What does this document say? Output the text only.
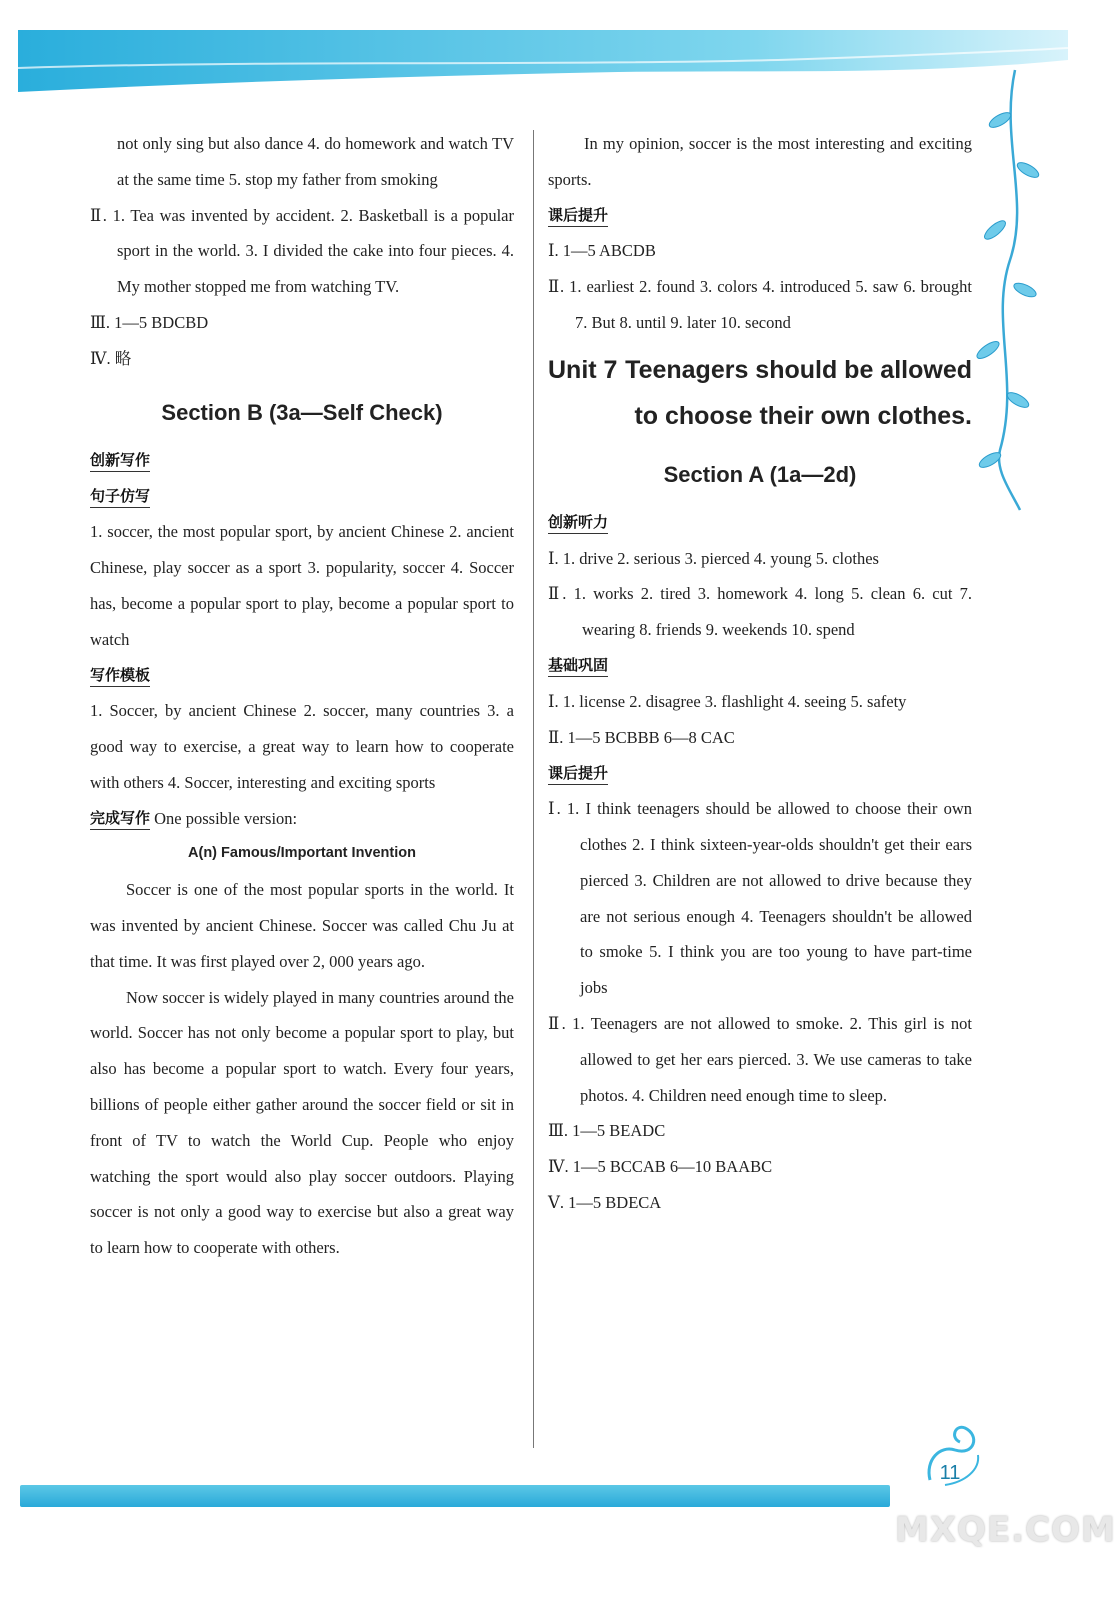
not only sing but also dance 4. do homework and watch TV at the same time 5. stop my father from smoking

Ⅱ. 1. Tea was invented by accident. 2. Basketball is a popular sport in the world. 3. I divided the cake into four pieces. 4. My mother stopped me from watching TV.

Ⅲ. 1—5 BDCBD

Ⅳ. 略

Section B (3a—Self Check)

创新写作

句子仿写

1. soccer, the most popular sport, by ancient Chinese 2. ancient Chinese, play soccer as a sport 3. popularity, soccer 4. Soccer has, become a popular sport to play, become a popular sport to watch

写作模板

1. Soccer, by ancient Chinese 2. soccer, many countries 3. a good way to exercise, a great way to learn how to cooperate with others 4. Soccer, interesting and exciting sports

完成写作
One possible version:

A(n) Famous/Important Invention

Soccer is one of the most popular sports in the world. It was invented by ancient Chinese. Soccer was called Chu Ju at that time. It was first played over 2, 000 years ago.

Now soccer is widely played in many countries around the world. Soccer has not only become a popular sport to play, but also has become a popular sport to watch. Every four years, billions of people either gather around the soccer field or sit in front of TV to watch the World Cup. People who enjoy watching the sport would also play soccer outdoors. Playing soccer is not only a good way to exercise but also a great way to learn how to cooperate with others.

In my opinion, soccer is the most interesting and exciting sports.

课后提升

Ⅰ. 1—5 ABCDB

Ⅱ. 1. earliest 2. found 3. colors 4. introduced 5. saw 6. brought 7. But 8. until 9. later 10. second

Unit 7 Teenagers should be allowed
to choose their own clothes.

Section A (1a—2d)

创新听力

Ⅰ. 1. drive 2. serious 3. pierced 4. young 5. clothes

Ⅱ. 1. works 2. tired 3. homework 4. long 5. clean 6. cut 7. wearing 8. friends 9. weekends 10. spend

基础巩固

Ⅰ. 1. license 2. disagree 3. flashlight 4. seeing 5. safety

Ⅱ. 1—5 BCBBB 6—8 CAC

课后提升

Ⅰ. 1. I think teenagers should be allowed to choose their own clothes 2. I think sixteen-year-olds shouldn't get their ears pierced 3. Children are not allowed to drive because they are not serious enough 4. Teenagers shouldn't be allowed to smoke 5. I think you are too young to have part-time jobs

Ⅱ. 1. Teenagers are not allowed to smoke. 2. This girl is not allowed to get her ears pierced. 3. We use cameras to take photos. 4. Children need enough time to sleep.

Ⅲ. 1—5 BEADC

Ⅳ. 1—5 BCCAB 6—10 BAABC

Ⅴ. 1—5 BDECA

11
MXQE.COM
